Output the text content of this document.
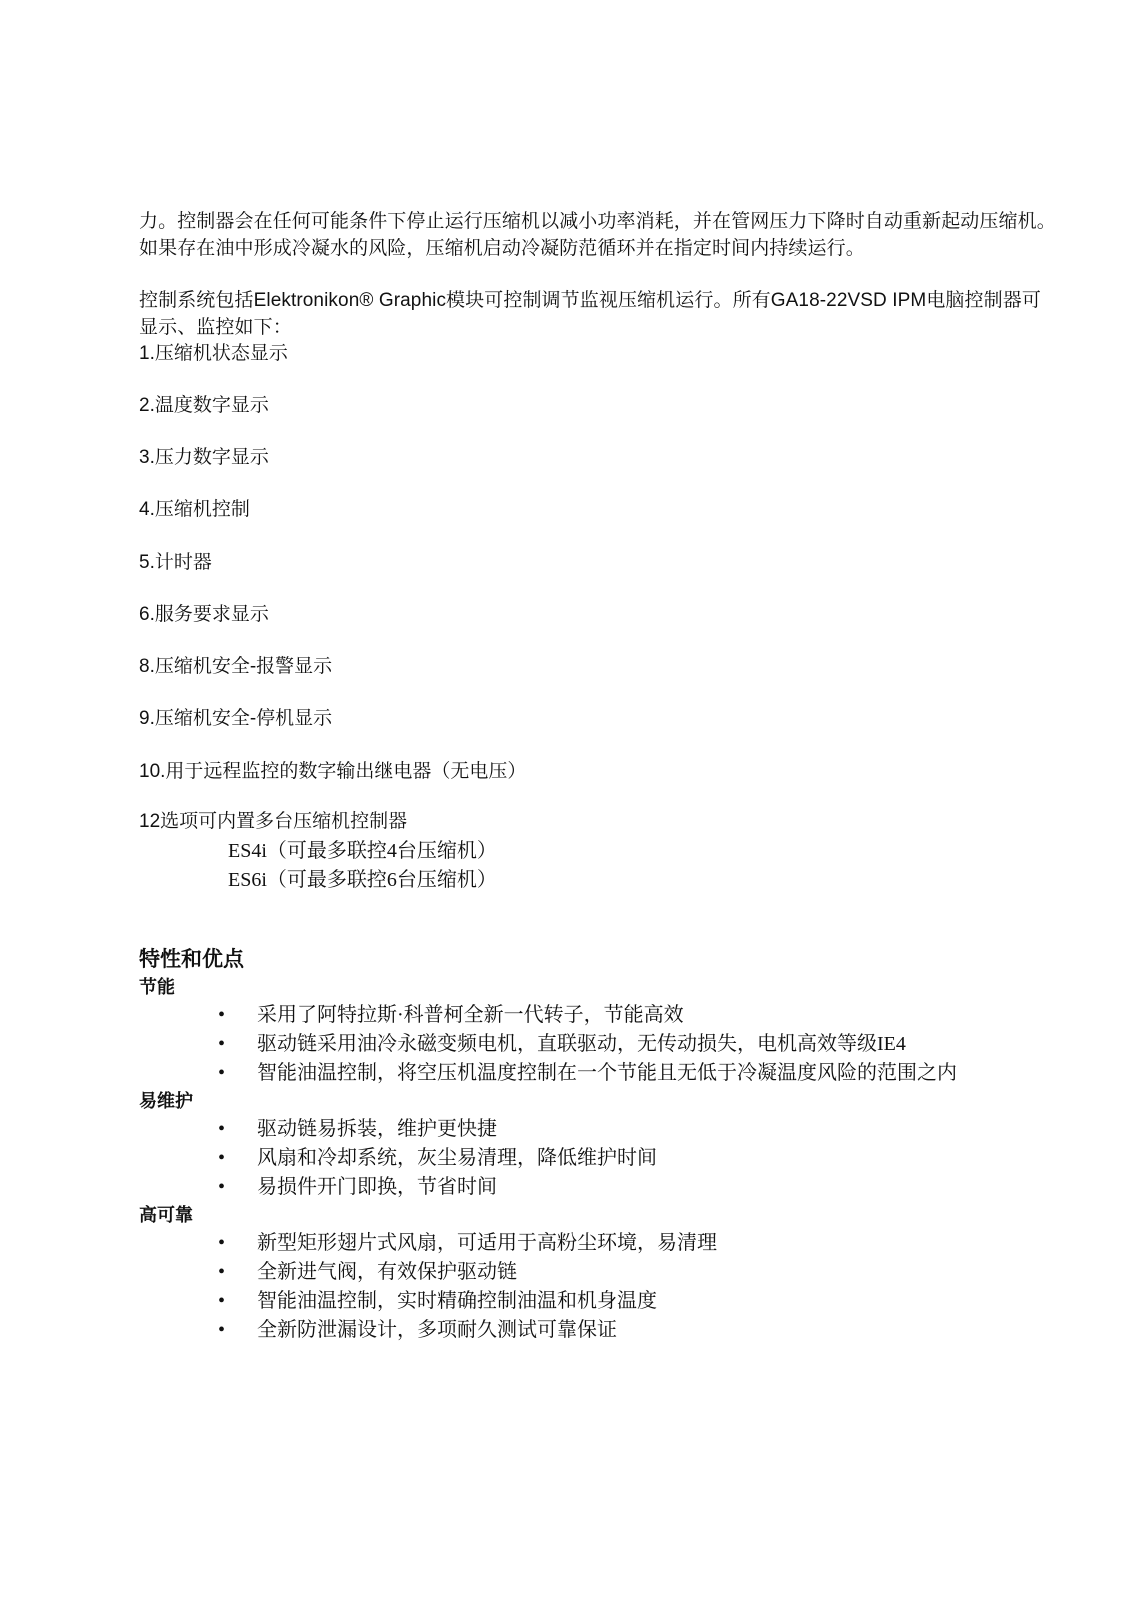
力。控制器会在任何可能条件下停止运行压缩机以减小功率消耗，并在管网压力下降时自动重新起动压缩机。如果存在油中形成冷凝水的风险，压缩机启动冷凝防范循环并在指定时间内持续运行。
控制系统包括Elektronikon® Graphic模块可控制调节监视压缩机运行。所有GA18-22VSD IPM电脑控制器可显示、监控如下：
1.压缩机状态显示
2.温度数字显示
3.压力数字显示
4.压缩机控制
5.计时器
6.服务要求显示
8.压缩机安全-报警显示
9.压缩机安全-停机显示
10.用于远程监控的数字输出继电器（无电压）
12选项可内置多台压缩机控制器
ES4i（可最多联控4台压缩机）
ES6i（可最多联控6台压缩机）
特性和优点
节能
•	采用了阿特拉斯·科普柯全新一代转子，节能高效
•	驱动链采用油冷永磁变频电机，直联驱动，无传动损失，电机高效等级IE4
•	智能油温控制，将空压机温度控制在一个节能且无低于冷凝温度风险的范围之内
易维护
•	驱动链易拆装，维护更快捷
•	风扇和冷却系统，灰尘易清理，降低维护时间
•	易损件开门即换，节省时间
高可靠
•	新型矩形翅片式风扇，可适用于高粉尘环境，易清理
•	全新进气阀，有效保护驱动链
•	智能油温控制，实时精确控制油温和机身温度
•	全新防泄漏设计，多项耐久测试可靠保证
